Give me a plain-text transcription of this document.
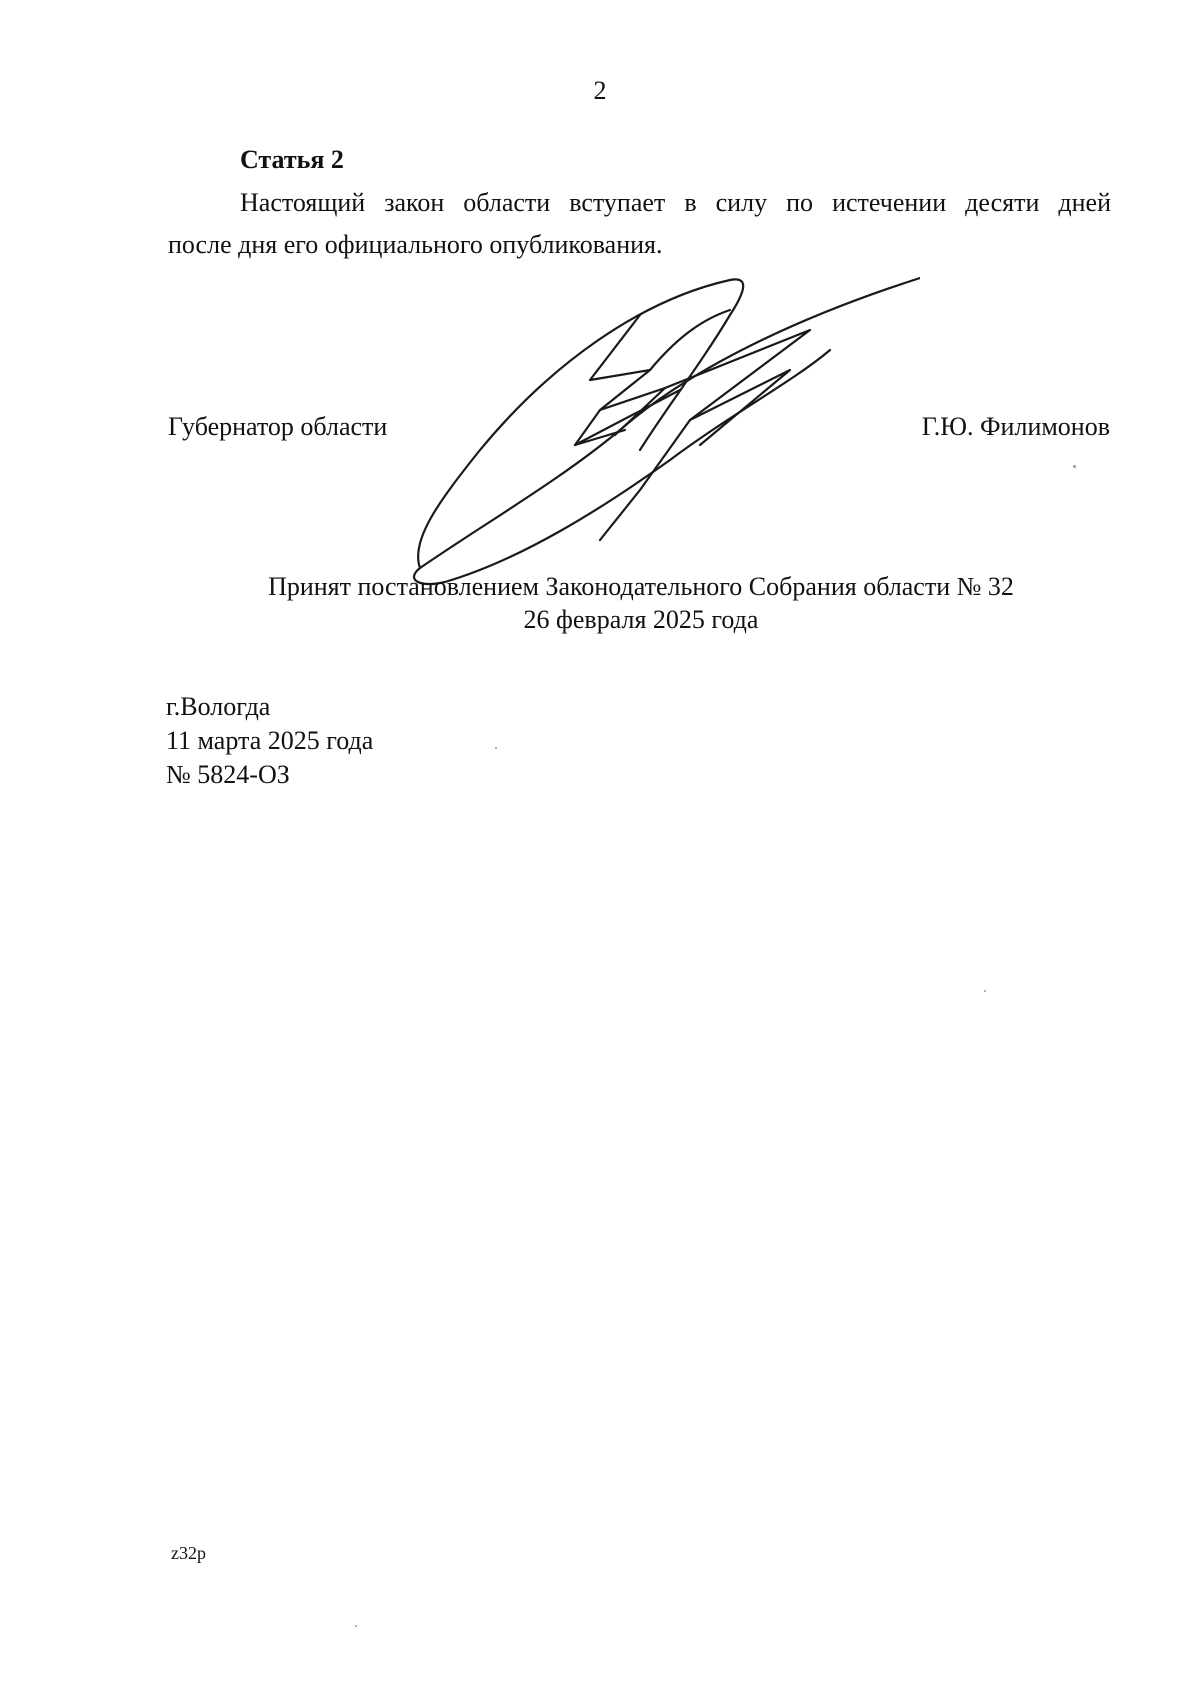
2
Статья 2
Настоящий закон области вступает в силу по истечении десяти дней
после дня его официального опубликования.
Губернатор области	Г.Ю. Филимонов
Принят постановлением Законодательного Собрания области № 32
26 февраля 2025 года
г.Вологда
11 марта 2025 года
№ 5824-ОЗ
z32p
